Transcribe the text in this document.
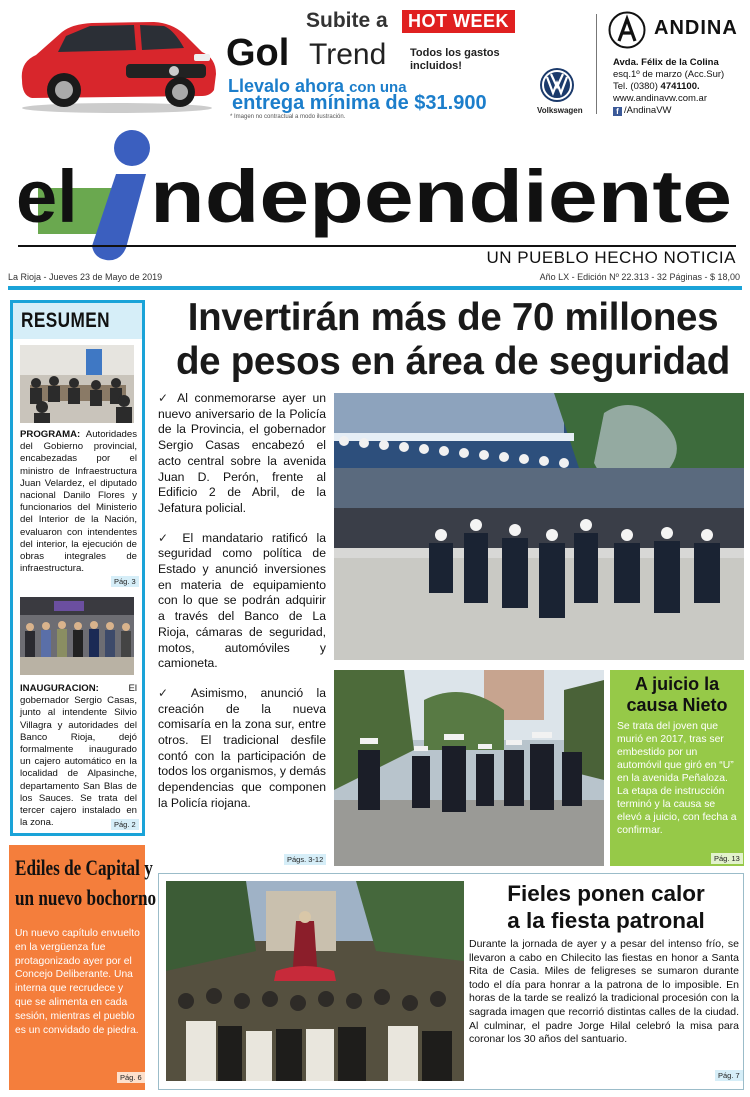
Subite a	HOT WEEK
Gol Trend Todos los gastos incluidos!
Llevalo ahora con una
entrega mínima de $31.900
* Imagen no contractual a modo ilustración.
Volkswagen
ANDINA
Avda. Félix de la Colina
esq.1º de marzo (Acc.Sur)
Tel. (0380) 4741100.
www.andinavw.com.ar
f /AndinaVW
el ndependiente
UN PUEBLO HECHO NOTICIA
La Rioja - Jueves 23 de Mayo de 2019	Año LX - Edición Nº 22.313 - 32 Páginas - $ 18,00
RESUMEN
PROGRAMA: Autoridades del Gobierno provincial, encabezadas por el ministro de Infraestructura Juan Velardez, el diputado nacional Danilo Flores y funcionarios del Ministerio del Interior de la Nación, evaluaron con intendentes del interior, la ejecución de obras integrales de infraestructura.
Pág. 3
INAUGURACION: El gobernador Sergio Casas, junto al intendente Silvio Villagra y autoridades del Banco Rioja, dejó formalmente inaugurado un cajero automático en la localidad de Alpasinche, departamento San Blas de los Sauces. Se trata del tercer cajero instalado en la zona.	Pág. 2
Ediles de Capital y
un nuevo bochorno
Un nuevo capítulo envuelto en la vergüenza fue protagonizado ayer por el Concejo Deliberante. Una interna que recrudece y que se alimenta en cada sesión, mientras el pueblo es un convidado de piedra.
Pág. 6
Invertirán más de 70 millones
de pesos en área de seguridad

✓ Al conmemorarse ayer un nuevo aniversario de la Policía de la Provincia, el gobernador Sergio Casas encabezó el acto central sobre la avenida Juan D. Perón, frente al Edificio 2 de Abril, de la Jefatura policial.

✓ El mandatario ratificó la seguridad como política de Estado y anunció inversiones en materia de equipamiento con lo que se podrán adquirir a través del Banco de La Rioja, cámaras de seguridad, motos, automóviles y camioneta.

✓ Asimismo, anunció la creación de la nueva comisaría en la zona sur, entre otros. El tradicional desfile contó con la participación de todos los organismos, y demás dependencias que componen la Policía riojana.

Págs. 3-12
A juicio la
causa Nieto
Se trata del joven que murió en 2017, tras ser embestido por un automóvil que giró en “U” en la avenida Peñaloza. La etapa de instrucción terminó y la causa se elevó a juicio, con fecha a confirmar.
Pág. 13
Fieles ponen calor
a la fiesta patronal
Durante la jornada de ayer y a pesar del intenso frío, se llevaron a cabo en Chilecito las fiestas en honor a Santa Rita de Casia. Miles de feligreses se sumaron durante todo el día para honrar a la patrona de lo imposible. En horas de la tarde se realizó la tradicional procesión con la sagrada imagen que recorrió distintas calles de la ciudad. Al culminar, el padre Jorge Hilal celebró la misa para coronar los 30 años del santuario.
Pág. 7
